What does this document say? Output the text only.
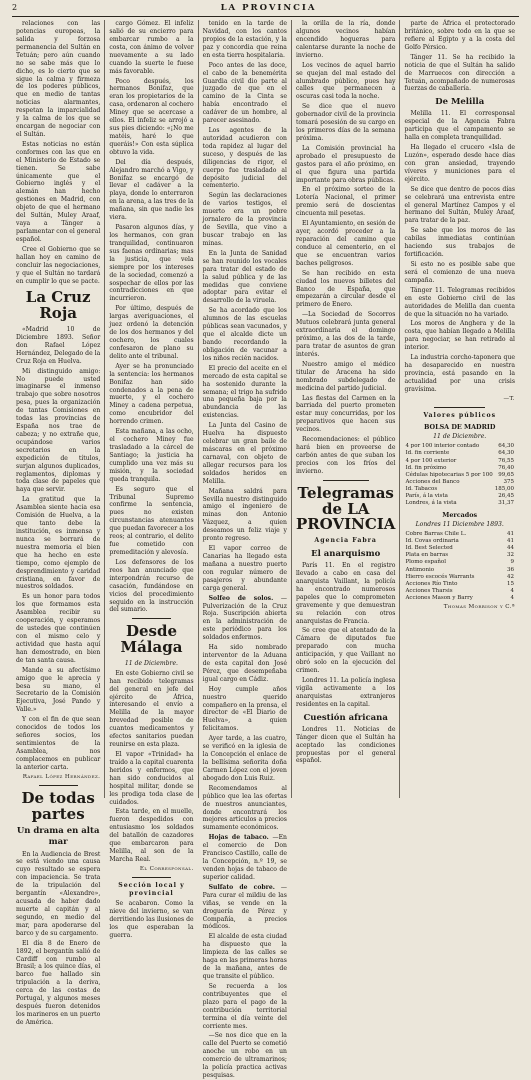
2	LA PROVINCIA

relaciones con las potencias europeas, la salida y forzosa permanencia del Sultán en Tetuán; pero aún cuando no se sabe más que lo dicho, es lo cierto que se sigue la calma y firmeza de los poderes públicos, que en medio de tantas noticias alarmantes, respetan la imparcialidad y la calma de los que se encargan de negociar con el Sultán.

Estas noticias no están conformes con las que en el Ministerio de Estado se tienen. Se sabe únicamente que el Gobierno inglés y el alemán han hecho gestiones en Madrid, con objeto de que el hermano del Sultán, Muley Araaf, vaya a Tánger a parlamentar con el general español.

Cree el Gobierno que se hallan hoy en camino de concluir las negociaciones, y que el Sultán no tardará en cumplir lo que se pacte.

La Cruz Roja

«Madrid 10 de Diciembre 1893. Señor don Rafael López Hernández, Delegado de la Cruz Roja en Huelva.

Mi distinguido amigo: No puede usted imaginarse el inmenso trabajo que sobre nosotros pesa, pues la organización de tantas Comisiones en todas las provincias de España nos trae de cabeza; y no extrañe que, ocupándose varios secretarios en la expedición de títulos, surjan algunos duplicados, reglamentos, diplomas y toda clase de papeles que haya que servir.

La gratitud que la Asamblea siente hacia esa Comisión de Huelva, a la que tanto debe la institución, es inmensa y nunca se borrará de nuestra memoria el bien que ha hecho en este tiempo, como ejemplo de desprendimiento y caridad cristiana, en favor de nuestros soldados.

Es un honor para todos los que formamos esta Asamblea recibir su cooperación, y esperamos de ustedes que continúen con el mismo celo y actividad que hasta aquí han demostrado, en bien de tan santa causa.

Mande a su afectísimo amigo que le aprecia y besa su mano, el Secretario de la Comisión Ejecutiva, José Pando y Valle.»

Y con el fin de que sean conocidos de todos los señores socios, los sentimientos de la Asamblea, nos complacemos en publicar la anterior carta.

Rafael López Hernández.
De todas partes
Un drama en alta mar

En la Audiencia de Brest se está viendo una causa cuyo resultado se espera con impaciencia. Se trata de la tripulación del bergantín «Alexandre», acusada de haber dado muerte al capitán y al segundo, en medio del mar, para apoderarse del barco y de su cargamento.

El día 8 de Enero de 1892, el bergantín salió de Cardiff con rumbo al Brasil; a los quince días, el barco fue hallado sin tripulación a la deriva, cerca de las costas de Portugal, y algunos meses después fueron detenidos los marineros en un puerto de América.

cargo Gómez. El infeliz salió de su encierro para embarcar rumbo a la costa, con ánimo de volver nuevamente a su lado cuando la suerte le fuese más favorable.

Poco después, los hermanos Bonifaz, que eran los propietarios de la casa, ordenaron al cochero Miney que se acercase a ellos. El infeliz se arrojó a sus pies diciendo: «¡No me matéis, haré lo que queráis!» Con esta súplica obtuvo la vida.

Del día después, Alejandro marchó a Vigo, y Bonifaz se encargó de llevar el cadáver a la playa, donde lo enterraron en la arena, a las tres de la mañana, sin que nadie les viera.

Pasaron algunos días, y los hermanos, con gran tranquilidad, continuaron sus faenas ordinarias; mas la justicia, que vela siempre por los intereses de la sociedad, comenzó a sospechar de ellos por las contradicciones en que incurrieron.

Por último, después de largas averiguaciones, el juez ordenó la detención de los dos hermanos y del cochero, los cuales confesaron de plano su delito ante el tribunal.

Ayer se ha pronunciado la sentencia: los hermanos Bonifaz han sido condenados a la pena de muerte, y el cochero Miney a cadena perpetua, como encubridor del horrendo crimen.

Esta mañana, a las ocho, el cochero Miney fue trasladado a la cárcel de Santiago; la justicia ha cumplido una vez más su misión, y la sociedad queda tranquila.

Es seguro que el Tribunal Supremo confirme la sentencia, pues no existen circunstancias atenuantes que puedan favorecer a los reos; al contrario, el delito fue cometido con premeditación y alevosía.

Los defensores de los reos han anunciado que interpondrán recurso de casación, fundándose en vicios del procedimiento seguido en la instrucción del sumario.

Desde Málaga
11 de Diciembre.

En este Gobierno civil se han recibido telegramas del general en jefe del ejército de África, interesando el envío a Melilla de la mayor brevedad posible de cuantos medicamentos y efectos sanitarios puedan reunirse en esta plaza.

El vapor «Trinidad» ha traído a la capital cuarenta heridos y enfermos, que han sido conducidos al hospital militar, donde se les prodiga toda clase de cuidados.

Esta tarde, en el muelle, fueron despedidos con entusiasmo los soldados del batallón de cazadores que embarcaron para Melilla, al son de la Marcha Real.

El Corresponsal.
Sección local y provincial

Se acabaron. Como la nieve del invierno, se van derritiendo las ilusiones de los que esperaban la guerra.

tenido en la tarde de Navidad, con los cantos propios de la estación, y la paz y concordia que reina en esta tierra hospitalaria.

Poco antes de las doce, el cabo de la benemérita Guardia civil dio parte al juzgado de que en el camino de la Cinta se había encontrado el cadáver de un hombre, al parecer asesinado.

Los agentes de la autoridad acudieron con toda rapidez al lugar del suceso, y después de las diligencias de rigor, el cuerpo fue trasladado al depósito judicial del cementerio.

Según las declaraciones de varios testigos, el muerto era un pobre jornalero de la provincia de Sevilla, que vino a buscar trabajo en las minas.

En la Junta de Sanidad se han reunido los vocales para tratar del estado de la salud pública y de las medidas que conviene adoptar para evitar el desarrollo de la viruela.

Se ha acordado que los alumnos de las escuelas públicas sean vacunados, y que el alcalde dicte un bando recordando la obligación de vacunar a los niños recién nacidos.

El precio del aceite en el mercado de esta capital se ha sostenido durante la semana; el trigo ha sufrido una pequeña baja por la abundancia de las existencias.

La Junta del Casino de Huelva ha dispuesto celebrar un gran baile de máscaras en el próximo carnaval, con objeto de allegar recursos para los soldados heridos en Melilla.

Mañana saldrá para Sevilla nuestro distinguido amigo el ingeniero de minas don Antonio Vázquez, a quien deseamos un feliz viaje y pronto regreso.

El vapor correo de Canarias ha llegado esta mañana a nuestro puerto con regular número de pasajeros y abundante carga general.

Solfeo de solos. —Pulverización de la Cruz Roja. Suscripción abierta en la administración de este periódico para los soldados enfermos.

Ha sido nombrado interventor de la Aduana de esta capital don José Pérez, que desempeñaba igual cargo en Cádiz.

Hoy cumple años nuestro querido compañero en la prensa, el director de «El Diario de Huelva», a quien felicitamos.

Ayer tarde, a las cuatro, se verificó en la iglesia de la Concepción el enlace de la bellísima señorita doña Carmen López con el joven abogado don Luis Ruiz.

Recomendamos al público que lea las ofertas de nuestros anunciantes, donde encontrará los mejores artículos a precios sumamente económicos.

Hojas de tabaco. —En el comercio de Don Francisco Castillo, calle de la Concepción, n.º 19, se venden hojas de tabaco de superior calidad.

Sulfato de cobre. —Para curar el mildiu de las viñas, se vende en la droguería de Pérez y Compañía, a precios módicos.

El alcalde de esta ciudad ha dispuesto que la limpieza de las calles se haga en las primeras horas de la mañana, antes de que transite el público.

Se recuerda a los contribuyentes que el plazo para el pago de la contribución territorial termina el día veinte del corriente mes.

—Se nos dice que en la calle del Puerto se cometió anoche un robo en un comercio de ultramarinos; la policía practica activas pesquisas.

la orilla de la ría, donde algunos vecinos habían encendido hogueras para calentarse durante la noche de invierno.

Los vecinos de aquel barrio se quejan del mal estado del alumbrado público, pues hay calles que permanecen a oscuras casi toda la noche.

Se dice que el nuevo gobernador civil de la provincia tomará posesión de su cargo en los primeros días de la semana próxima.

La Comisión provincial ha aprobado el presupuesto de gastos para el año próximo, en el que figura una partida importante para obras públicas.

En el próximo sorteo de la Lotería Nacional, el primer premio será de doscientas cincuenta mil pesetas.

El Ayuntamiento, en sesión de ayer, acordó proceder a la reparación del camino que conduce al cementerio, en el que se encuentran varios baches peligrosos.

Se han recibido en esta ciudad los nuevos billetes del Banco de España, que empezarán a circular desde el primero de Enero.

—La Sociedad de Socorros Mutuos celebrará junta general extraordinaria el domingo próximo, a las dos de la tarde, para tratar de asuntos de gran interés.

Nuestro amigo el médico titular de Aracena ha sido nombrado subdelegado de medicina del partido judicial.

Las fiestas del Carmen en la barriada del puerto prometen estar muy concurridas, por los preparativos que hacen sus vecinos.

Recomendaciones: el público hará bien en proveerse de carbón antes de que suban los precios con los fríos del invierno.

Telegramas de LA PROVINCIA
Agencia Fabra
El anarquismo

París 11. En el registro llevado a cabo en casa del anarquista Vaillant, la policía ha encontrado numerosos papeles que lo comprometen gravemente y que demuestran su relación con otros anarquistas de Francia.

Se cree que el atentado de la Cámara de diputados fue preparado con mucha anticipación, y que Vaillant no obró solo en la ejecución del crimen.

Londres 11. La policía inglesa vigila activamente a los anarquistas extranjeros residentes en la capital.

Cuestión africana

Londres 11. Noticias de Tánger dicen que el Sultán ha aceptado las condiciones propuestas por el general español.

parte de África el protectorado británico, sobre todo en la que se refiere al Egipto y a la costa del Golfo Pérsico.

Tánger 11. Se ha recibido la noticia de que el Sultán ha salido de Marruecos con dirección a Tetuán, acompañado de numerosas fuerzas de caballería.

De Melilla

Melilla 11. El corresponsal especial de la Agencia Fabra participa que el campamento se halla en completa tranquilidad.

Ha llegado el crucero «Isla de Luzón», esperado desde hace días con gran ansiedad, trayendo víveres y municiones para el ejército.

Se dice que dentro de pocos días se celebrará una entrevista entre el general Martínez Campos y el hermano del Sultán, Muley Araaf, para tratar de la paz.

Se sabe que los moros de las cabilas inmediatas continúan haciendo sus trabajos de fortificación.

Si esto no es posible sabe que será el comienzo de una nueva campaña.

Tánger 11. Telegramas recibidos en este Gobierno civil de las autoridades de Melilla dan cuenta de que la situación no ha variado.

Los moros de Anghera y de la costa, que habían llegado a Melilla para negociar, se han retirado al interior.

La industria corcho-taponera que ha desaparecido en nuestra provincia, está pasando en la actualidad por una crisis gravísima.

—T.
Valores públicos
BOLSA DE MADRID
11 de Diciembre.
4 por 100 interior contado	64,30
Id. fin corriente	64,30
4 por 100 exterior	76,55
Id. fin próximo	76,40
Cédulas hipotecarias 5 por 100	99,65
Acciones del Banco	375
Id. Tabacos	185,00
París, á la vista	26,45
Londres, á la vista	31,37
Mercados
Londres 11 Diciembre 1893.
Cobre Barras Chile L.	41
Id. Covas ordinaria	41
Id. Best Selected	44
Plata en barras	32
Plomo español	9
Antimonio	36
Hierro escocés Warrants	42
Acciones Río Tinto	15
Acciones Tharsis	4
Acciones Mason y Barry	4
Thomas Morrison y C.ª
